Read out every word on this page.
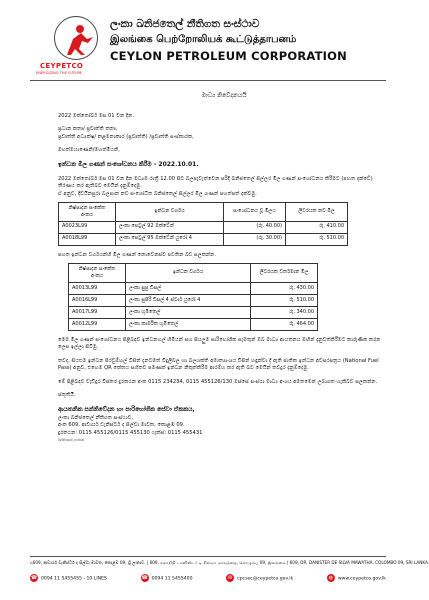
CEYPETCO
ENERGIZING THE FUTURE
ලංකා ඛනිජතෙල් නීතිගත සංස්ථාව
இலங்கை பெற்றோலியக் கூட்டுத்தாபனம்
CEYLON PETROLEUM CORPORATION
මාධ්‍ය නිවේදනයයි

2022 ඔක්තෝබර් මස 01 වන දින.

ප්‍රධාන කතෘ/ ප්‍රවෘත්ති කතෘ,

ප්‍රවෘත්ති අධ්‍යක්ෂ/ කළමනාකාර (ප්‍රවෘත්ති) /ප්‍රවෘත්ති සංස්කාරක,

මහත්මයාණෙනි/මහත්මියනි,

ඉන්ධන මිල ගණන් සංශෝධනය කිරීම - 2022.10.01.

2022 ඔක්තෝබර් මස 01 වන දින මධ්‍යම රාත්‍රී 12.00 සිට බලපැවැත්වෙන පරිදි ඛනිජතෙල් සිල්ලර මිල ගණන් සංශෝධනය කිරීමට (පහත දැක්වේ) තීරණය කර ඇතිබව මෙයින් දැනුම්දෙමු.

ඒ අනුව, දිවයිනපුරා බලපාන නව සංශෝධිත ඛනිජතෙල් සිල්ලර මිල ගණන් පහත්පත් දක්වමු.

නිෂ්පාදන සංකේත අංකය	ඉන්ධන වර්ගය	සංශෝධනය වූ මිලය	ලීටරයක නව මිල
A0023L99	ලංකා පෙට්‍රල් 92 ඔක්ටේන්	(රු. 40.00)	රු. 410.00
A0018L99	ලංකා පෙට්‍රල් 95 ඔක්ටේන් යුරෝ 4	(රු. 30.00)	රු. 510.00

පහත ඉන්ධන වර්ගයන්හි මිල ගණන් නොවෙනස්ව පවතින බව සලකන්න.

නිෂ්පාදන සංකේත අංකය	ඉන්ධන වර්ගය	ලීටරයක වර්තමාන මිල
A0013L99	ලංකා සුපු ඩීසල්	රු. 430.00
A0016L99	ලංකා සුපිරි ඩීසල් 4 ස්ටාර් යුරෝ 4	රු. 510.00
A0017L99	ලංකා භූමිතෙල්	රු. 340.00
A0012L99	ලංකා කාර්මික භූමිතෙල්	රු. 464.00

මෙම මිල ගණන් සංශෝධනය පිළිබඳව ඉන්ධනහල් හිමියන් සහ සියලුම පාරිභෝගික සැමතුන් ඔබ මාධ්‍ය ආයතනය මඟින් දැනුවත්කිරීමට කාරුණික කරන ලෙස ඉල්ලා සිටිමු.

තවද, සියළුම ඉන්ධන පිරවුම්හල් විසින් දැනටමත් විදුලිබල හා බලශක්ති අමාත්‍යාංශය විසින් හඳුන්වා දී ඇති ජාතික ඉන්ධන අවසරපත්‍රය (National Fuel Pass) අනුව, එහෙම QR කේතය සහිතව පමණක් ඉන්ධන නිකුත්කිරීම ආරම්භ කර ඇති බව මෙයින් තවදුර දැනුම්දෙමු.

මේ පිළිබඳව වැඩිදුර විස්තර දුරකථන අංක 0115 234234, 0115 455126/130 ඔස්සේ සංස්ථා මාධ්‍ය අංශය අමතමෙන් ලබාගත හැකිබව සලකන්න.

ස්තූතියි.

ආයතනික සන්නිවේදන හා පාරිභෝගික සේවා ඒකකය,

ලංකා ඛනිජතෙල් නීතිගත සංස්ථාව,

අංක 609, ආචාර්ය ඩැනිස්ටර් ද සිල්වා මාවත, කොළඹ 09.

දුරකථන: 0115 455126/0115 455130 ෆැක්ස්: 0115 455431

Without initial

⌂ 609, ආචාර්ය ඩැනිස්ටර් ද සිල්වා මාවත, කොළඹ 09, ශ්‍රී ලංකාව. | 609, கலாநிதி டானிஸ்டர் டி சில்வா மாவத்தை, கொழும்பு 09, இலங்கை | 609, DR. DANISTER DE SILVA MAWATHA, COLOMBO 09, SRI LANKA.
☎ 0094 11 5455455 - 10 LINES	☎ 0094 11 5455400	✉ cpcsec@ceypetco.gov.lk	◍ www.ceypetco.gov.lk
